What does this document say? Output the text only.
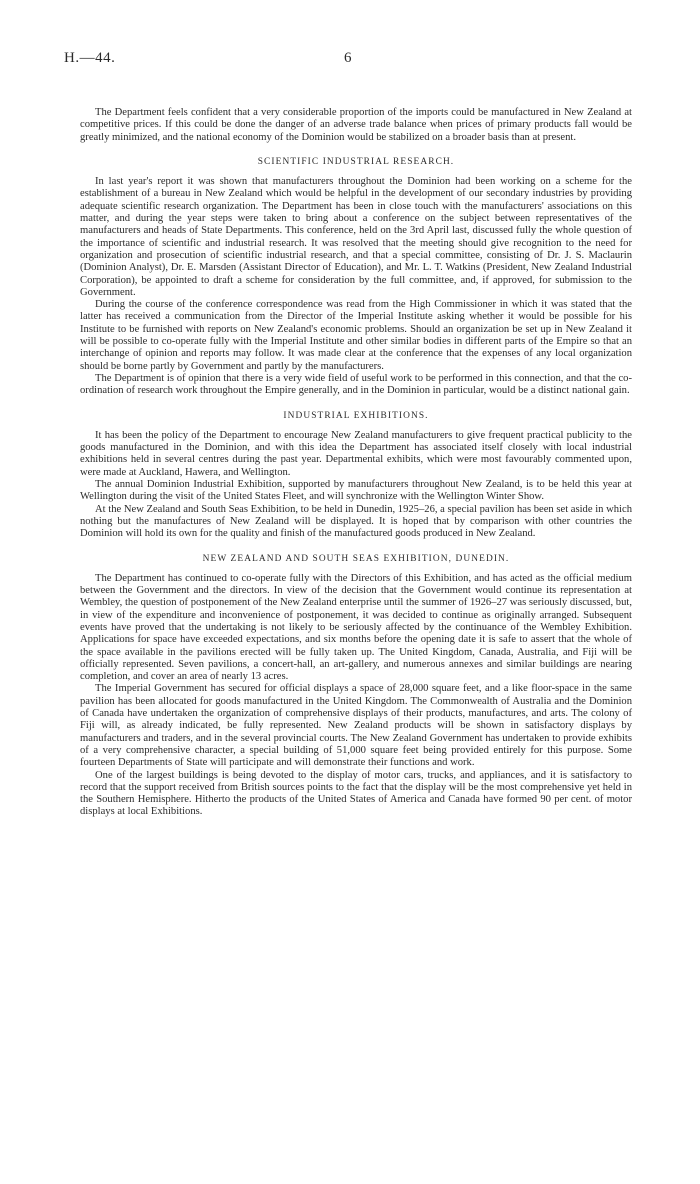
H.—44.	6

The Department feels confident that a very considerable proportion of the imports could be manufactured in New Zealand at competitive prices. If this could be done the danger of an adverse trade balance when prices of primary products fall would be greatly minimized, and the national economy of the Dominion would be stabilized on a broader basis than at present.

SCIENTIFIC INDUSTRIAL RESEARCH.

In last year's report it was shown that manufacturers throughout the Dominion had been working on a scheme for the establishment of a bureau in New Zealand which would be helpful in the development of our secondary industries by providing adequate scientific research organization. The Department has been in close touch with the manufacturers' associations on this matter, and during the year steps were taken to bring about a conference on the subject between representatives of the manufacturers and heads of State Departments. This conference, held on the 3rd April last, discussed fully the whole question of the importance of scientific and industrial research. It was resolved that the meeting should give recognition to the need for organization and prosecution of scientific industrial research, and that a special committee, consisting of Dr. J. S. Maclaurin (Dominion Analyst), Dr. E. Marsden (Assistant Director of Education), and Mr. L. T. Watkins (President, New Zealand Industrial Corporation), be appointed to draft a scheme for consideration by the full committee, and, if approved, for submission to the Government.

During the course of the conference correspondence was read from the High Commissioner in which it was stated that the latter has received a communication from the Director of the Imperial Institute asking whether it would be possible for his Institute to be furnished with reports on New Zealand's economic problems. Should an organization be set up in New Zealand it will be possible to co-operate fully with the Imperial Institute and other similar bodies in different parts of the Empire so that an interchange of opinion and reports may follow. It was made clear at the conference that the expenses of any local organization should be borne partly by Government and partly by the manufacturers.

The Department is of opinion that there is a very wide field of useful work to be performed in this connection, and that the co-ordination of research work throughout the Empire generally, and in the Dominion in particular, would be a distinct national gain.

INDUSTRIAL EXHIBITIONS.

It has been the policy of the Department to encourage New Zealand manufacturers to give frequent practical publicity to the goods manufactured in the Dominion, and with this idea the Department has associated itself closely with local industrial exhibitions held in several centres during the past year. Departmental exhibits, which were most favourably commented upon, were made at Auckland, Hawera, and Wellington.

The annual Dominion Industrial Exhibition, supported by manufacturers throughout New Zealand, is to be held this year at Wellington during the visit of the United States Fleet, and will synchronize with the Wellington Winter Show.

At the New Zealand and South Seas Exhibition, to be held in Dunedin, 1925–26, a special pavilion has been set aside in which nothing but the manufactures of New Zealand will be displayed. It is hoped that by comparison with other countries the Dominion will hold its own for the quality and finish of the manufactured goods produced in New Zealand.

NEW ZEALAND AND SOUTH SEAS EXHIBITION, DUNEDIN.

The Department has continued to co-operate fully with the Directors of this Exhibition, and has acted as the official medium between the Government and the directors. In view of the decision that the Government would continue its representation at Wembley, the question of postponement of the New Zealand enterprise until the summer of 1926–27 was seriously discussed, but, in view of the expenditure and inconvenience of postponement, it was decided to continue as originally arranged. Subsequent events have proved that the undertaking is not likely to be seriously affected by the continuance of the Wembley Exhibition. Applications for space have exceeded expectations, and six months before the opening date it is safe to assert that the whole of the space available in the pavilions erected will be fully taken up. The United Kingdom, Canada, Australia, and Fiji will be officially represented. Seven pavilions, a concert-hall, an art-gallery, and numerous annexes and similar buildings are nearing completion, and cover an area of nearly 13 acres.

The Imperial Government has secured for official displays a space of 28,000 square feet, and a like floor-space in the same pavilion has been allocated for goods manufactured in the United Kingdom. The Commonwealth of Australia and the Dominion of Canada have undertaken the organization of comprehensive displays of their products, manufactures, and arts. The colony of Fiji will, as already indicated, be fully represented. New Zealand products will be shown in satisfactory displays by manufacturers and traders, and in the several provincial courts. The New Zealand Government has undertaken to provide exhibits of a very comprehensive character, a special building of 51,000 square feet being provided entirely for this purpose. Some fourteen Departments of State will participate and will demonstrate their functions and work.

One of the largest buildings is being devoted to the display of motor cars, trucks, and appliances, and it is satisfactory to record that the support received from British sources points to the fact that the display will be the most comprehensive yet held in the Southern Hemisphere. Hitherto the products of the United States of America and Canada have formed 90 per cent. of motor displays at local Exhibitions.
